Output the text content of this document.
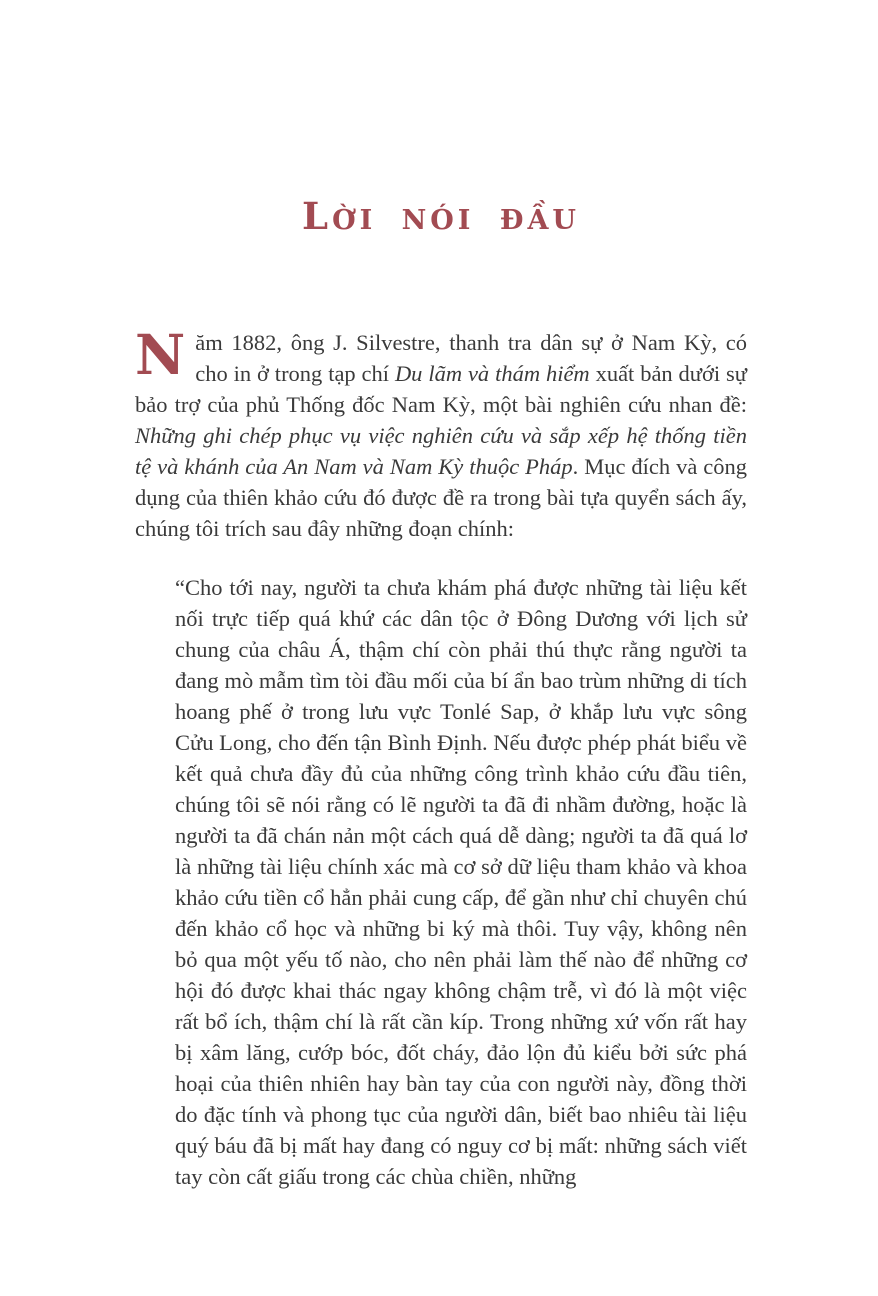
LỜI NÓI ĐẦU

Năm 1882, ông J. Silvestre, thanh tra dân sự ở Nam Kỳ, có cho in ở trong tạp chí Du lãm và thám hiểm xuất bản dưới sự bảo trợ của phủ Thống đốc Nam Kỳ, một bài nghiên cứu nhan đề: Những ghi chép phục vụ việc nghiên cứu và sắp xếp hệ thống tiền tệ và khánh của An Nam và Nam Kỳ thuộc Pháp. Mục đích và công dụng của thiên khảo cứu đó được đề ra trong bài tựa quyển sách ấy, chúng tôi trích sau đây những đoạn chính:

“Cho tới nay, người ta chưa khám phá được những tài liệu kết nối trực tiếp quá khứ các dân tộc ở Đông Dương với lịch sử chung của châu Á, thậm chí còn phải thú thực rằng người ta đang mò mẫm tìm tòi đầu mối của bí ẩn bao trùm những di tích hoang phế ở trong lưu vực Tonlé Sap, ở khắp lưu vực sông Cửu Long, cho đến tận Bình Định. Nếu được phép phát biểu về kết quả chưa đầy đủ của những công trình khảo cứu đầu tiên, chúng tôi sẽ nói rằng có lẽ người ta đã đi nhầm đường, hoặc là người ta đã chán nản một cách quá dễ dàng; người ta đã quá lơ là những tài liệu chính xác mà cơ sở dữ liệu tham khảo và khoa khảo cứu tiền cổ hẳn phải cung cấp, để gần như chỉ chuyên chú đến khảo cổ học và những bi ký mà thôi. Tuy vậy, không nên bỏ qua một yếu tố nào, cho nên phải làm thế nào để những cơ hội đó được khai thác ngay không chậm trễ, vì đó là một việc rất bổ ích, thậm chí là rất cần kíp. Trong những xứ vốn rất hay bị xâm lăng, cướp bóc, đốt cháy, đảo lộn đủ kiểu bởi sức phá hoại của thiên nhiên hay bàn tay của con người này, đồng thời do đặc tính và phong tục của người dân, biết bao nhiêu tài liệu quý báu đã bị mất hay đang có nguy cơ bị mất: những sách viết tay còn cất giấu trong các chùa chiền, những
